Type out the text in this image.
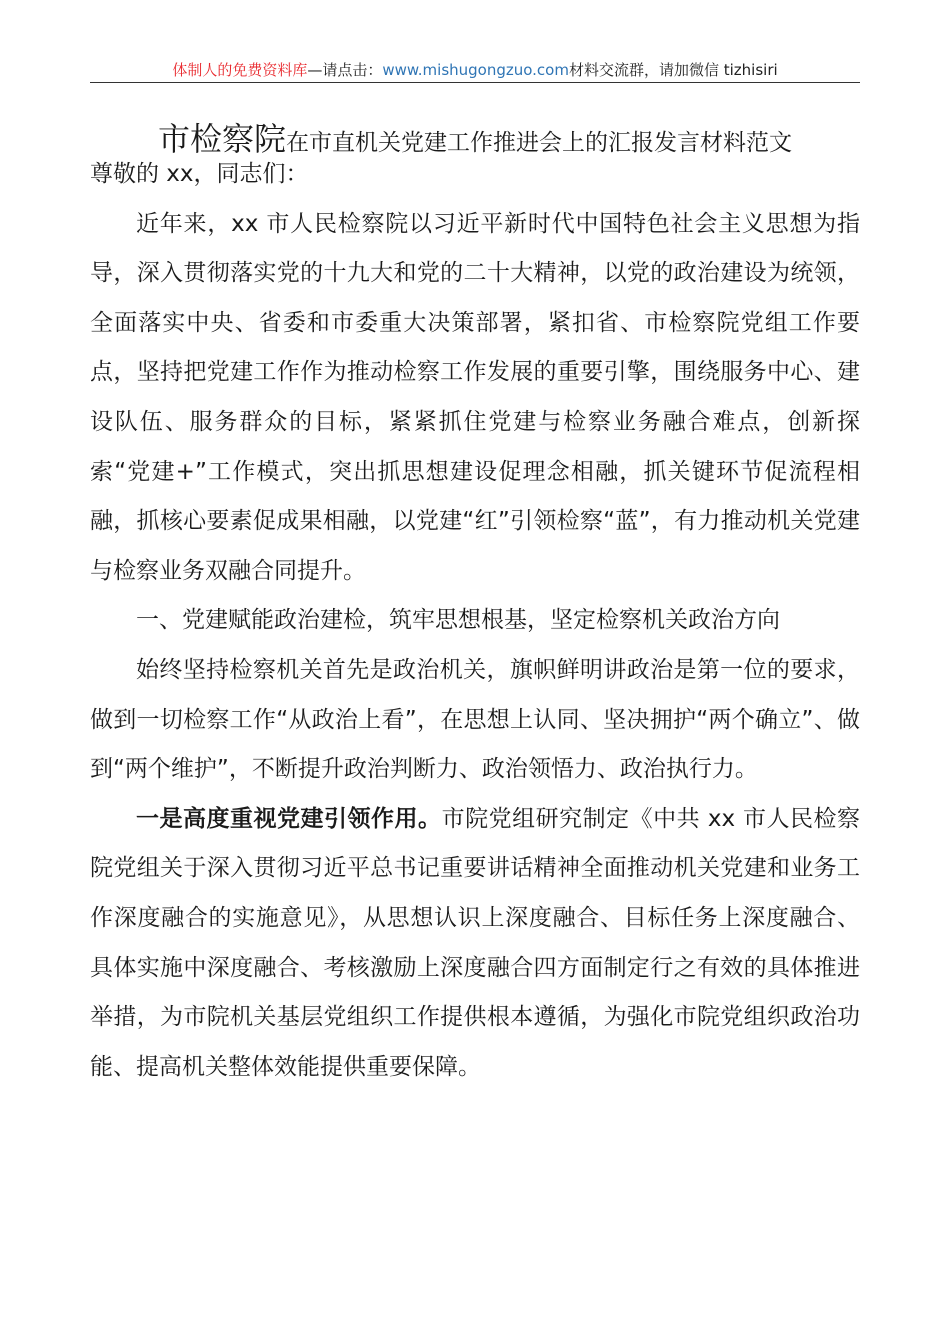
体制人的免费资料库—请点击：www.mishugongzuo.com材料交流群，请加微信 tizhisiri
市检察院在市直机关党建工作推进会上的汇报发言材料范文

尊敬的 xx，同志们：

近年来，xx 市人民检察院以习近平新时代中国特色社会主义思想为指导，深入贯彻落实党的十九大和党的二十大精神，以党的政治建设为统领，全面落实中央、省委和市委重大决策部署，紧扣省、市检察院党组工作要点，坚持把党建工作作为推动检察工作发展的重要引擎，围绕服务中心、建设队伍、服务群众的目标，紧紧抓住党建与检察业务融合难点，创新探索“党建+”工作模式，突出抓思想建设促理念相融，抓关键环节促流程相融，抓核心要素促成果相融，以党建“红”引领检察“蓝”，有力推动机关党建与检察业务双融合同提升。

一、党建赋能政治建检，筑牢思想根基，坚定检察机关政治方向

始终坚持检察机关首先是政治机关，旗帜鲜明讲政治是第一位的要求，做到一切检察工作“从政治上看”，在思想上认同、坚决拥护“两个确立”、做到“两个维护”，不断提升政治判断力、政治领悟力、政治执行力。

一是高度重视党建引领作用。市院党组研究制定《中共 xx 市人民检察院党组关于深入贯彻习近平总书记重要讲话精神全面推动机关党建和业务工作深度融合的实施意见》，从思想认识上深度融合、目标任务上深度融合、具体实施中深度融合、考核激励上深度融合四方面制定行之有效的具体推进举措，为市院机关基层党组织工作提供根本遵循，为强化市院党组织政治功能、提高机关整体效能提供重要保障。
